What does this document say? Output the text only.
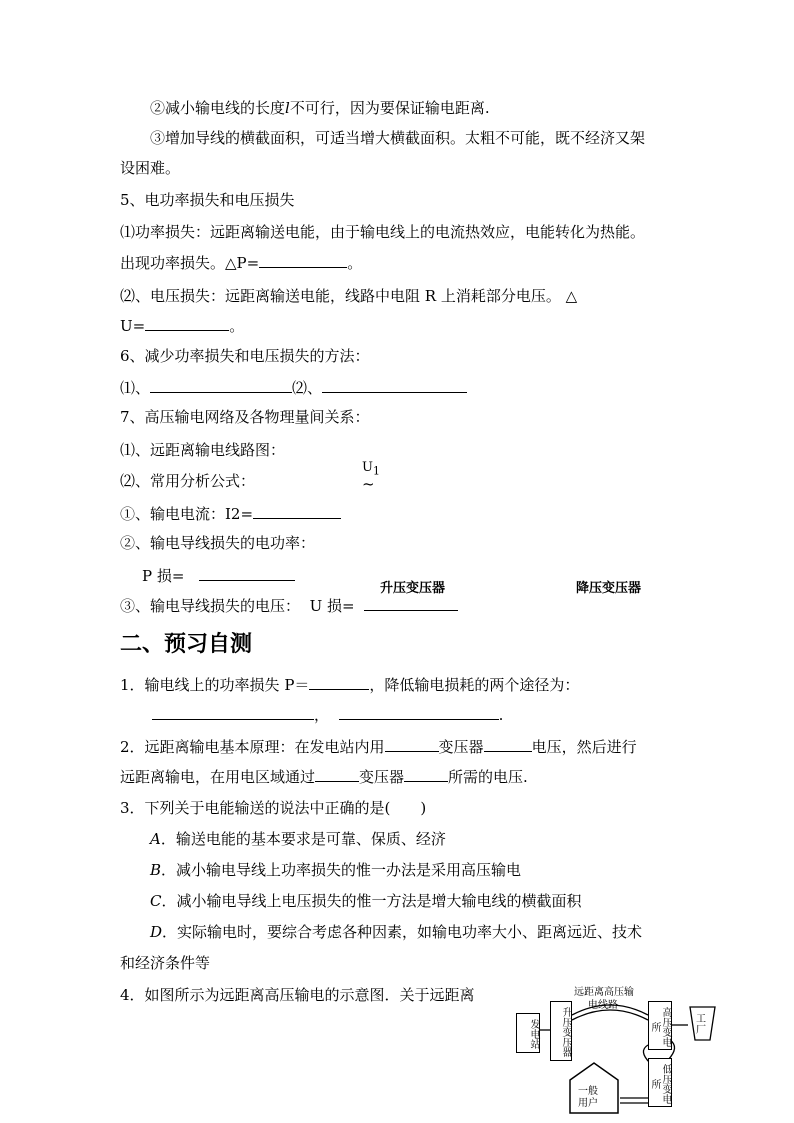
②减小输电线的长度l不可行，因为要保证输电距离.
③增加导线的横截面积，可适当增大横截面积。太粗不可能，既不经济又架
设困难。
5、电功率损失和电压损失
⑴功率损失：远距离输送电能，由于输电线上的电流热效应，电能转化为热能。
出现功率损失。△P=	。
⑵、电压损失：远距离输送电能，线路中电阻 R 上消耗部分电压。 △
U=	。
6、减少功率损失和电压损失的方法：
⑴、	⑵、
7、高压输电网络及各物理量间关系：
⑴、远距离输电线路图：
⑵、常用分析公式：
$U_1$
~
①、输电电流：I2=
②、输电导线损失的电功率：
P 损=
升压变压器	降压变压器
③、输电导线损失的电压： U 损=
二、预习自测
1．输电线上的功率损失 P＝	，降低输电损耗的两个途径为：
，	.
2．远距离输电基本原理：在发电站内用	变压器	电压，然后进行
远距离输电，在用电区域通过	变压器	所需的电压.
3．下列关于电能输送的说法中正确的是(　　)
A．输送电能的基本要求是可靠、保质、经济
B．减小输电导线上功率损失的惟一办法是采用高压输电
C．减小输电导线上电压损失的惟一方法是增大输电线的横截面积
D．实际输电时，要综合考虑各种因素，如输电功率大小、距离远近、技术
和经济条件等
4．如图所示为远距离高压输电的示意图．关于远距离	远距离高压输
电线路
发电站	升压变压器	高压变电所
工厂
低压变电所
一般用户
